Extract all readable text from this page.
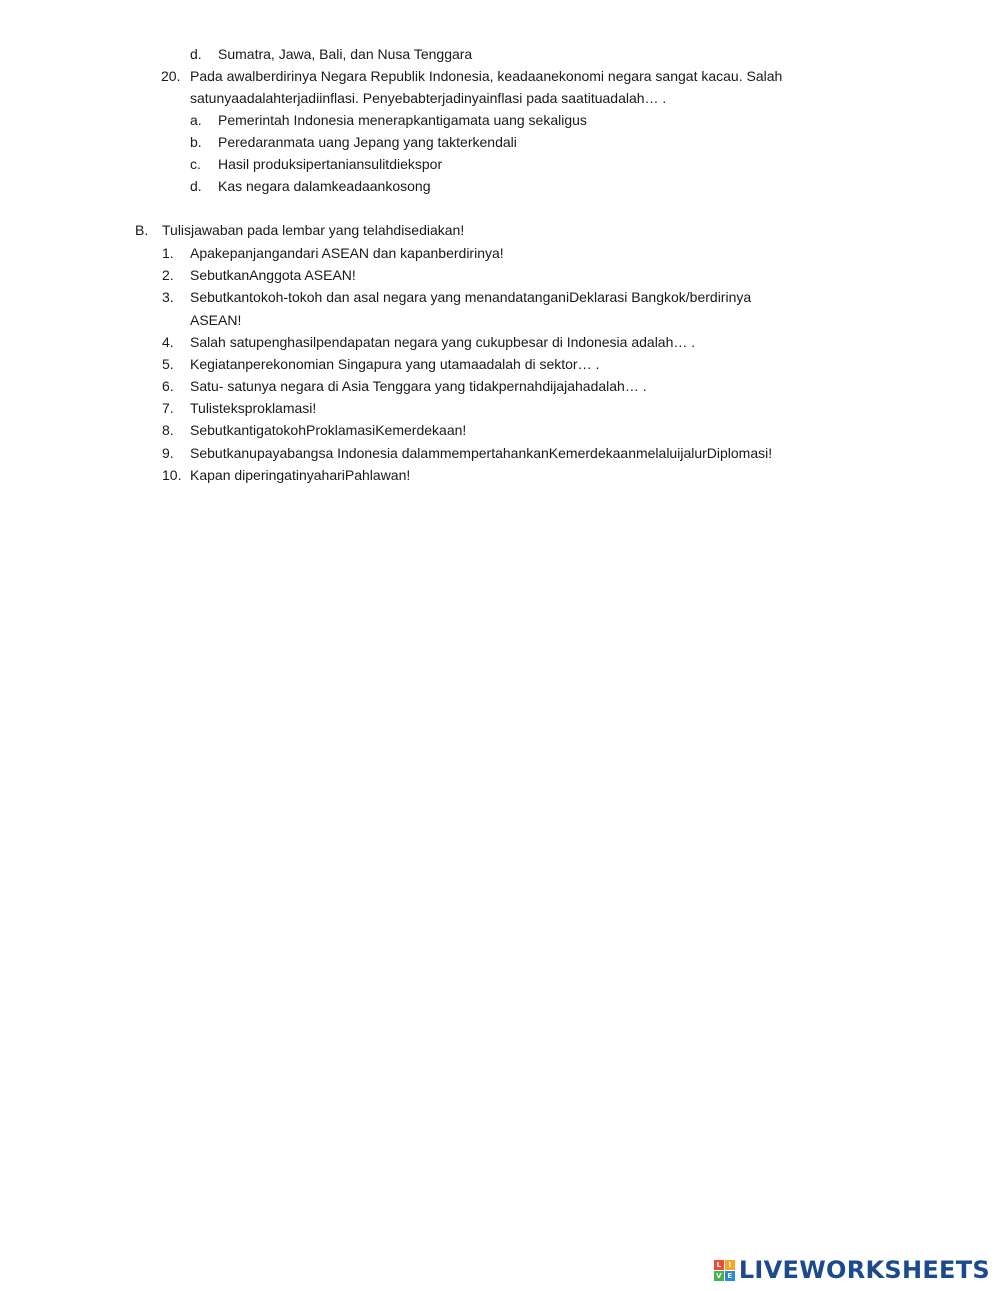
d. Sumatra, Jawa, Bali, dan Nusa Tenggara
20. Pada awalberdirinya Negara Republik Indonesia, keadaanekonomi negara sangat kacau. Salah
satunyaadalahterjadiinflasi. Penyebabterjadinyainflasi pada saatituadalah… .
a. Pemerintah Indonesia menerapkantigamata uang sekaligus
b. Peredaranmata uang Jepang yang takterkendali
c. Hasil produksipertaniansulitdiekspor
d. Kas negara dalamkeadaankosong
B. Tulisjawaban pada lembar yang telahdisediakan!
1. Apakepanjangandari ASEAN dan kapanberdirinya!
2. SebutkanAnggota ASEAN!
3. Sebutkantokoh-tokoh dan asal negara yang menandatanganiDeklarasi Bangkok/berdirinya
ASEAN!
4. Salah satupenghasilpendapatan negara yang cukupbesar di Indonesia adalah… .
5. Kegiatanperekonomian Singapura yang utamaadalah di sektor… .
6. Satu- satunya negara di Asia Tenggara yang tidakpernahdijajahadalah… .
7. Tulisteksproklamasi!
8. SebutkantigatokohProklamasiKemerdekaan!
9. Sebutkanupayabangsa Indonesia dalammempertahankanKemerdekaanmelaluijalurDiplomasi!
10. Kapan diperingatinyahariPahlawan!
L	I
V E LIVEWORKSHEETS
